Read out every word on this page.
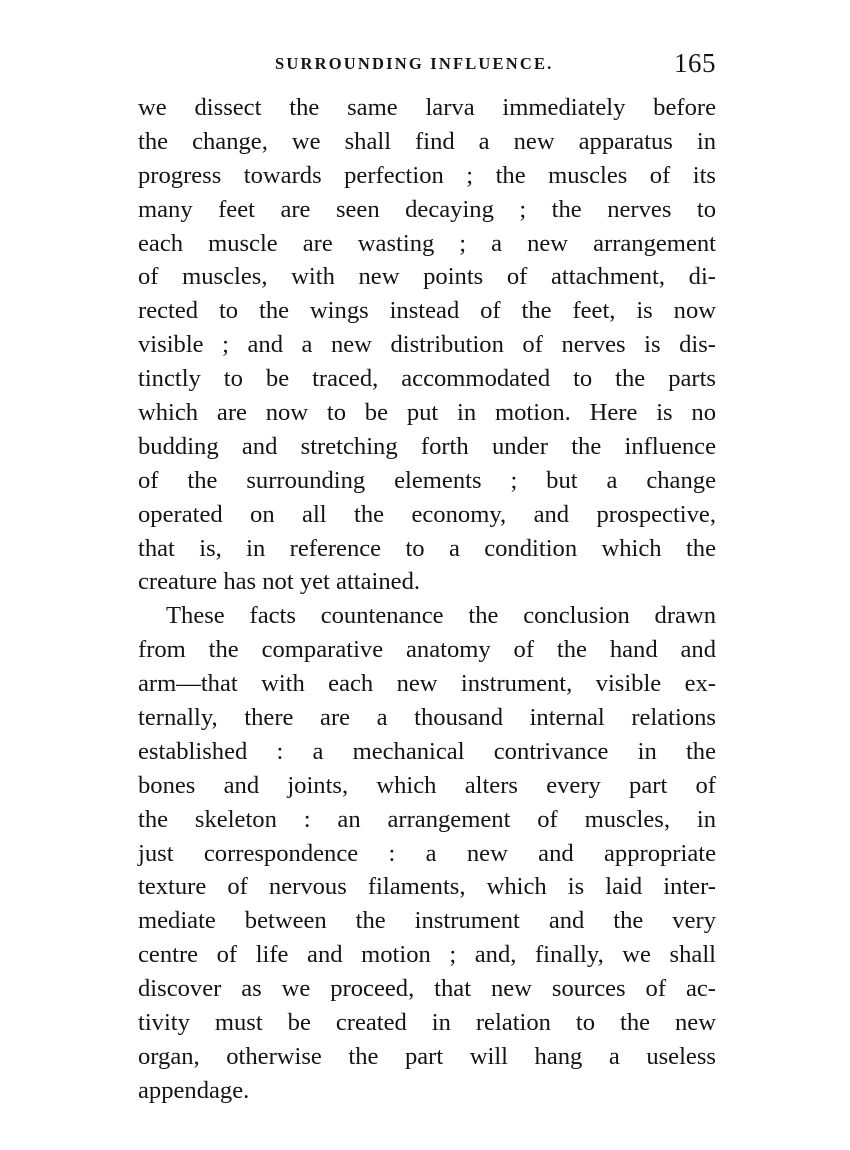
SURROUNDING INFLUENCE.	165
we dissect the same larva immediately before
the change, we shall find a new apparatus in
progress towards perfection ; the muscles of its
many feet are seen decaying ; the nerves to
each muscle are wasting ; a new arrangement
of muscles, with new points of attachment, di-
rected to the wings instead of the feet, is now
visible ; and a new distribution of nerves is dis-
tinctly to be traced, accommodated to the parts
which are now to be put in motion. Here is no
budding and stretching forth under the influence
of the surrounding elements ; but a change
operated on all the economy, and prospective,
that is, in reference to a condition which the
creature has not yet attained.
These facts countenance the conclusion drawn
from the comparative anatomy of the hand and
arm—that with each new instrument, visible ex-
ternally, there are a thousand internal relations
established : a mechanical contrivance in the
bones and joints, which alters every part of
the skeleton : an arrangement of muscles, in
just correspondence : a new and appropriate
texture of nervous filaments, which is laid inter-
mediate between the instrument and the very
centre of life and motion ; and, finally, we shall
discover as we proceed, that new sources of ac-
tivity must be created in relation to the new
organ, otherwise the part will hang a useless
appendage.
